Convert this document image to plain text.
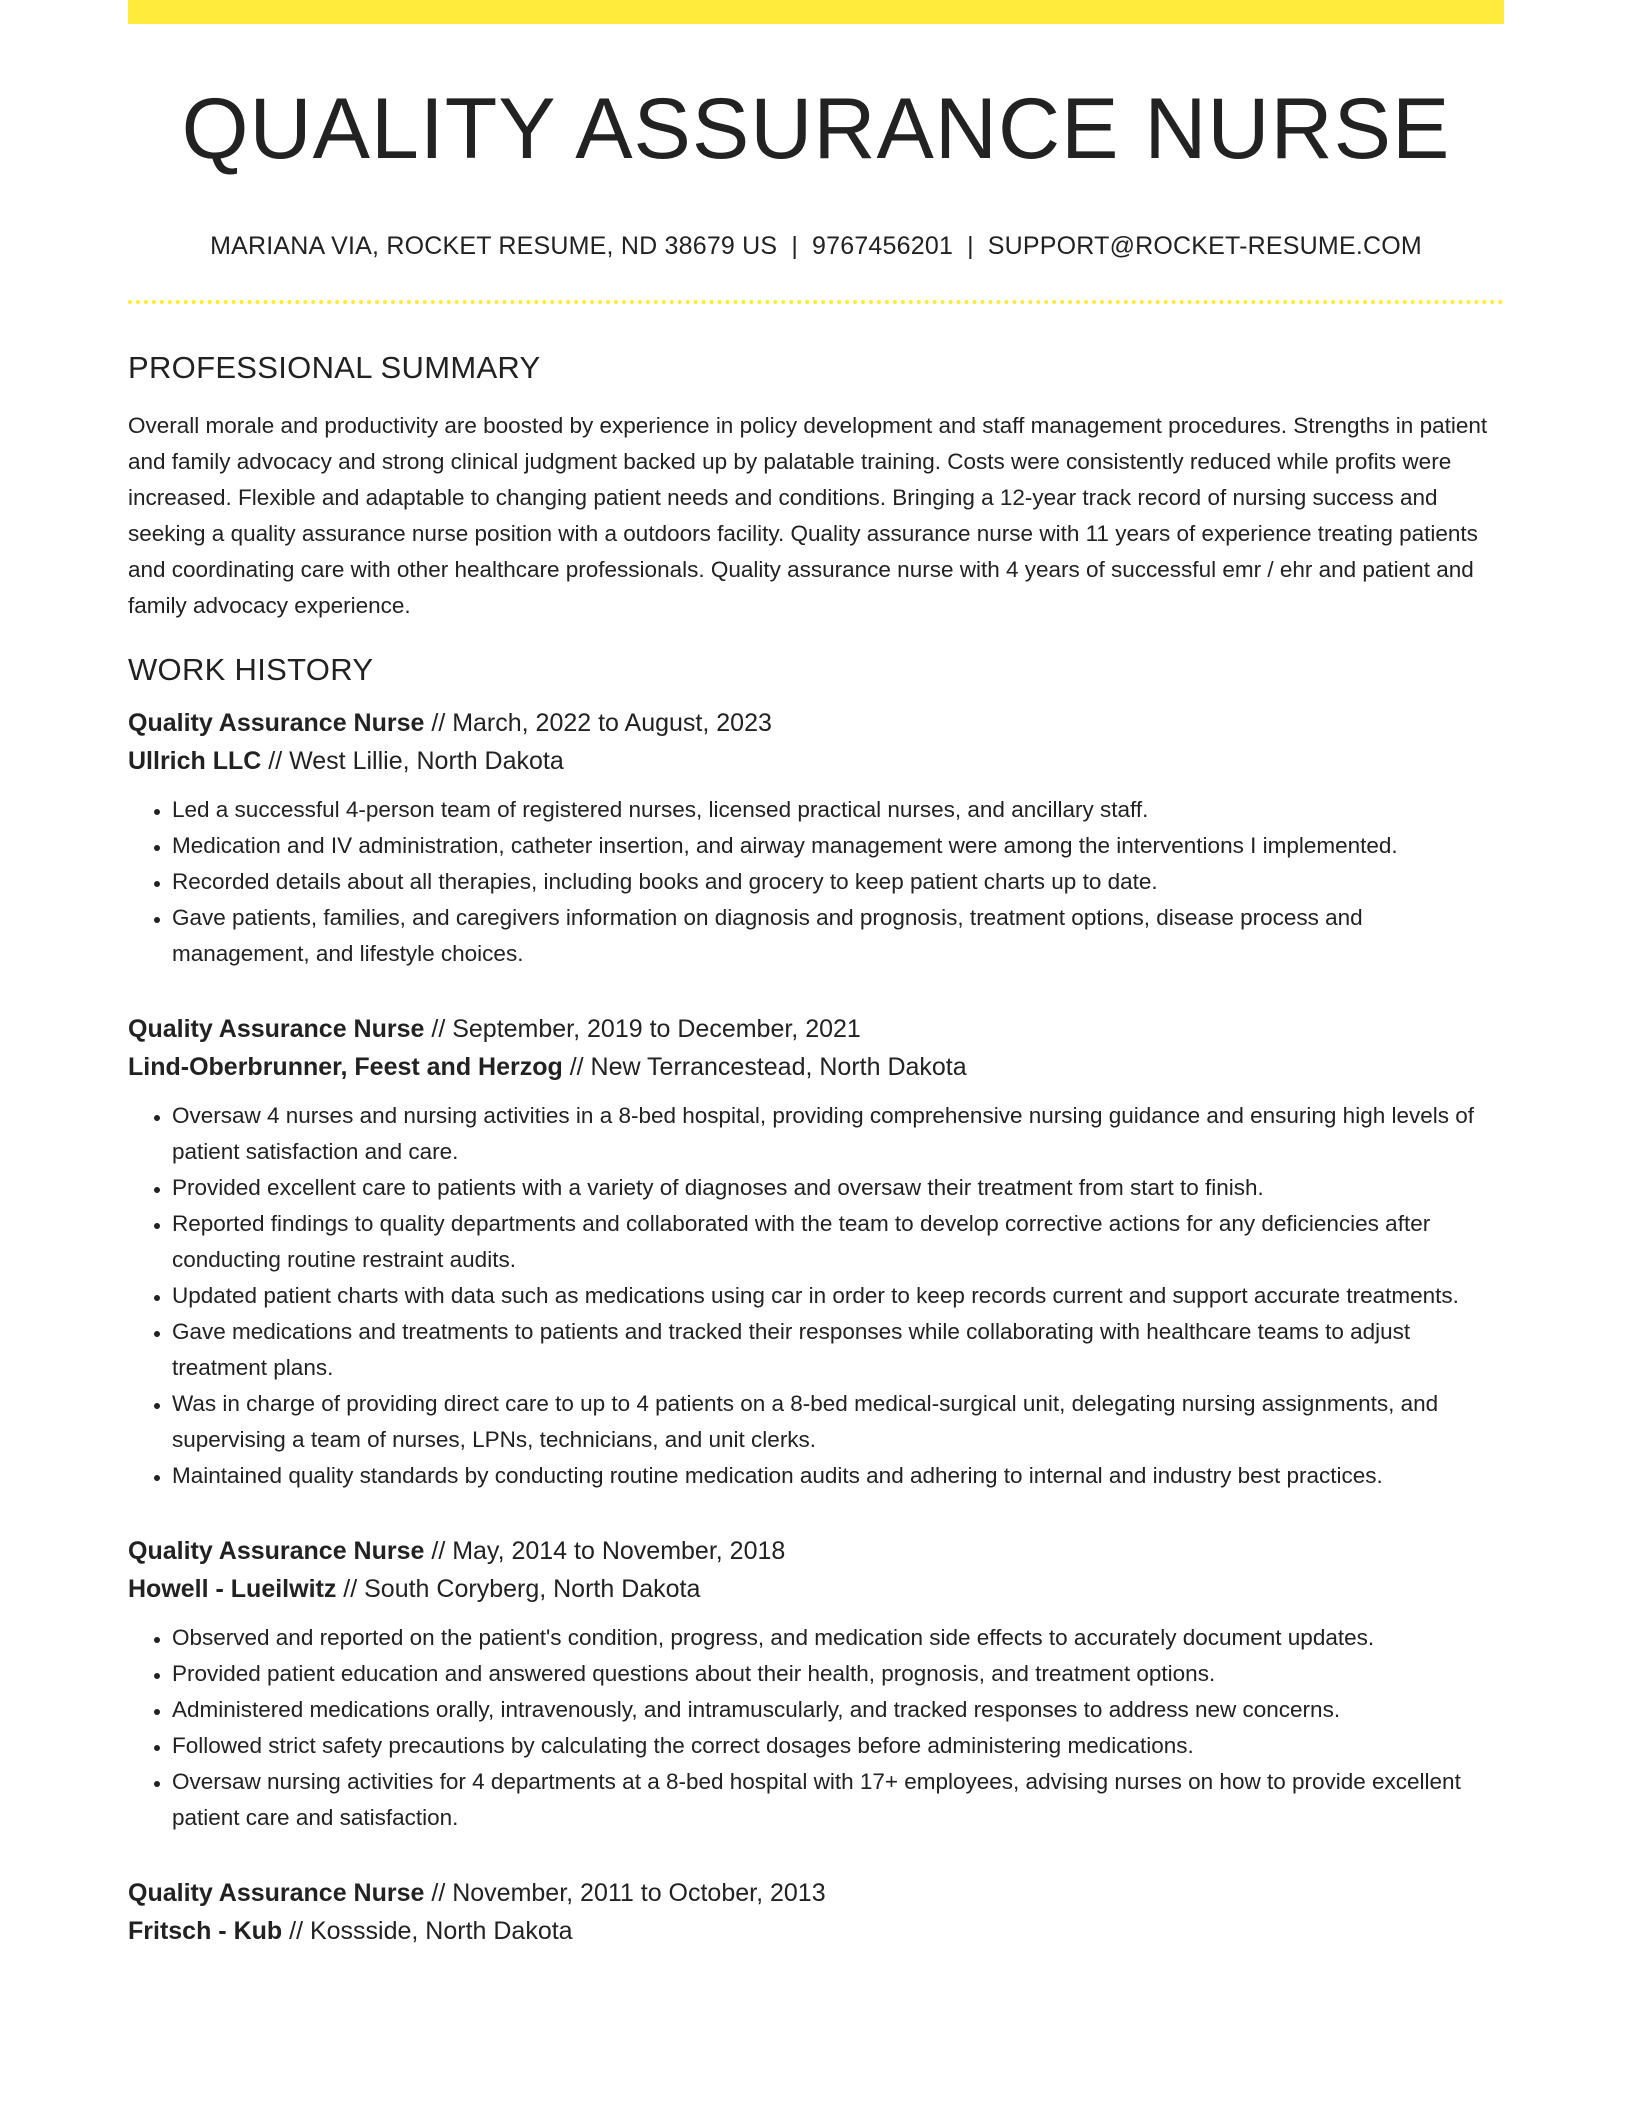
QUALITY ASSURANCE NURSE
MARIANA VIA, ROCKET RESUME, ND 38679 US | 9767456201 | SUPPORT@ROCKET-RESUME.COM
PROFESSIONAL SUMMARY

Overall morale and productivity are boosted by experience in policy development and staff management procedures. Strengths in patient and family advocacy and strong clinical judgment backed up by palatable training. Costs were consistently reduced while profits were increased. Flexible and adaptable to changing patient needs and conditions. Bringing a 12-year track record of nursing success and seeking a quality assurance nurse position with a outdoors facility. Quality assurance nurse with 11 years of experience treating patients and coordinating care with other healthcare professionals. Quality assurance nurse with 4 years of successful emr / ehr and patient and family advocacy experience.

WORK HISTORY
Quality Assurance Nurse // March, 2022 to August, 2023
Ullrich LLC // West Lillie, North Dakota
• Led a successful 4-person team of registered nurses, licensed practical nurses, and ancillary staff.
• Medication and IV administration, catheter insertion, and airway management were among the interventions I implemented.
• Recorded details about all therapies, including books and grocery to keep patient charts up to date.
• Gave patients, families, and caregivers information on diagnosis and prognosis, treatment options, disease process and management, and lifestyle choices.
Quality Assurance Nurse // September, 2019 to December, 2021
Lind-Oberbrunner, Feest and Herzog // New Terrancestead, North Dakota
• Oversaw 4 nurses and nursing activities in a 8-bed hospital, providing comprehensive nursing guidance and ensuring high levels of patient satisfaction and care.
• Provided excellent care to patients with a variety of diagnoses and oversaw their treatment from start to finish.
• Reported findings to quality departments and collaborated with the team to develop corrective actions for any deficiencies after conducting routine restraint audits.
• Updated patient charts with data such as medications using car in order to keep records current and support accurate treatments.
• Gave medications and treatments to patients and tracked their responses while collaborating with healthcare teams to adjust treatment plans.
• Was in charge of providing direct care to up to 4 patients on a 8-bed medical-surgical unit, delegating nursing assignments, and supervising a team of nurses, LPNs, technicians, and unit clerks.
• Maintained quality standards by conducting routine medication audits and adhering to internal and industry best practices.
Quality Assurance Nurse // May, 2014 to November, 2018
Howell - Lueilwitz // South Coryberg, North Dakota
• Observed and reported on the patient's condition, progress, and medication side effects to accurately document updates.
• Provided patient education and answered questions about their health, prognosis, and treatment options.
• Administered medications orally, intravenously, and intramuscularly, and tracked responses to address new concerns.
• Followed strict safety precautions by calculating the correct dosages before administering medications.
• Oversaw nursing activities for 4 departments at a 8-bed hospital with 17+ employees, advising nurses on how to provide excellent patient care and satisfaction.
Quality Assurance Nurse // November, 2011 to October, 2013
Fritsch - Kub // Kossside, North Dakota
